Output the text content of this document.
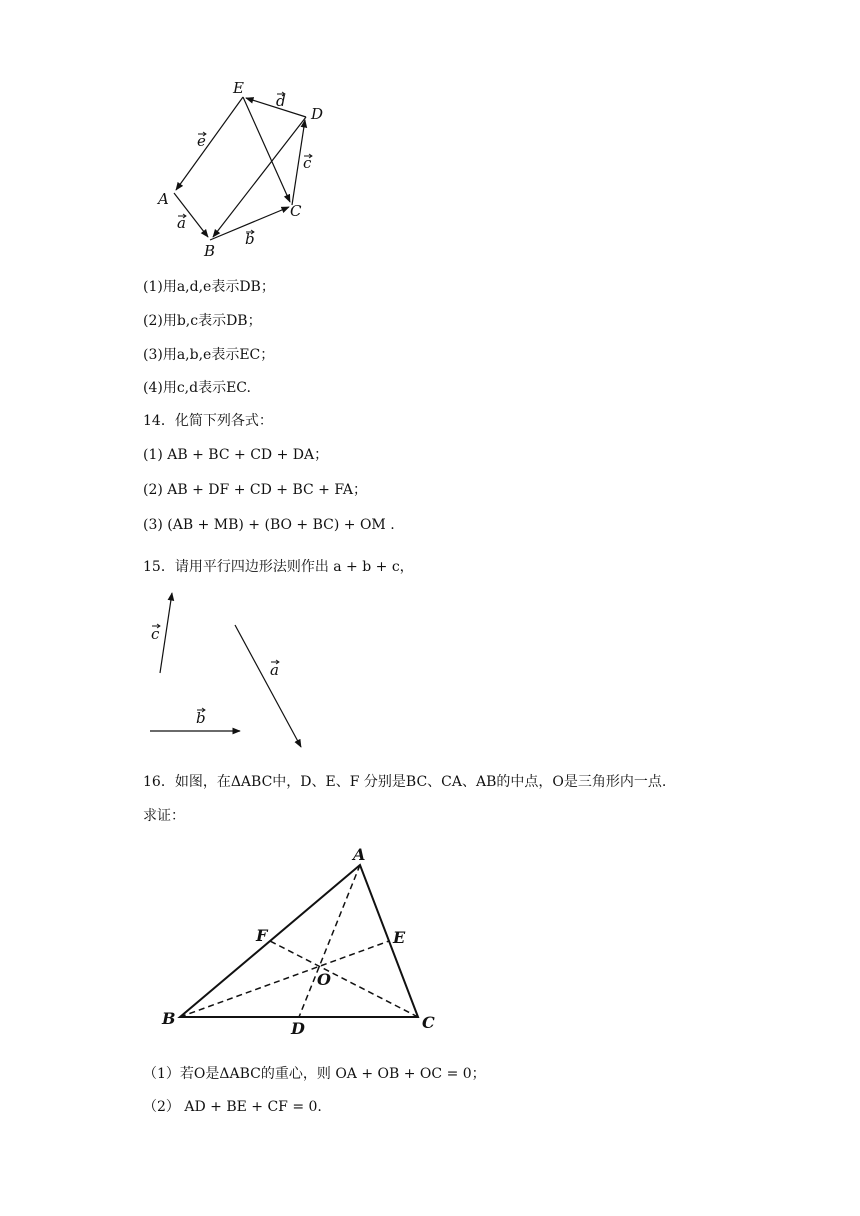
E
D
A
B
C
e
a
b
c
d
(1)用a,d,e表示DB；
(2)用b,c表示DB；
(3)用a,b,e表示EC；
(4)用c,d表示EC.
14．化简下列各式：
(1) AB + BC + CD + DA；
(2) AB + DF + CD + BC + FA；
(3) (AB + MB) + (BO + BC) + OM .
15．请用平行四边形法则作出 a + b + c，
c
a
b
16．如图，在ΔABC中，D、E、F 分别是BC、CA、AB的中点，O是三角形内一点.
求证：
A
B	C
D
E
F
O
（1）若O是ΔABC的重心，则 OA + OB + OC = 0；
（2） AD + BE + CF = 0.
